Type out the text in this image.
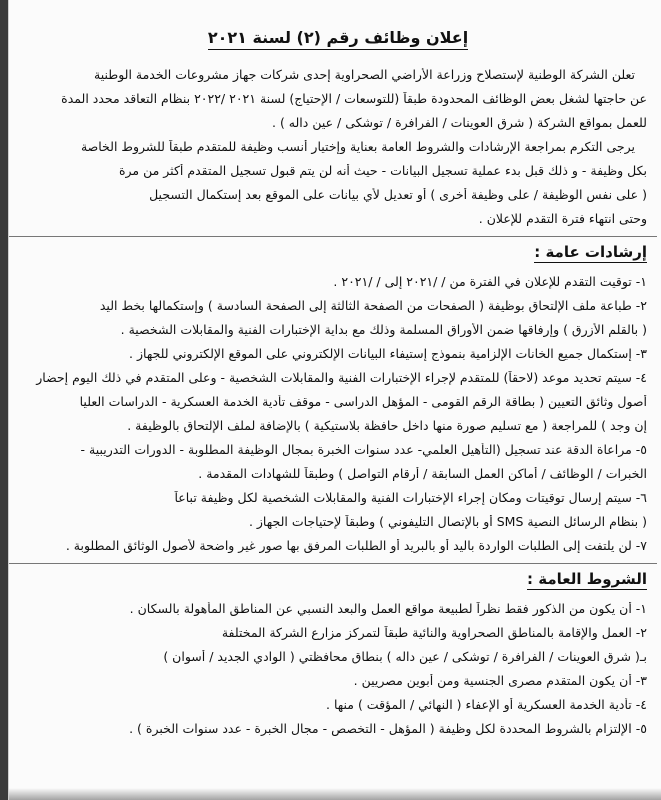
إعلان وظائف رقم (٢) لسنة ٢٠٢١
تعلن الشركة الوطنية لإستصلاح وزراعة الأراضي الصحراوية إحدى شركات جهاز مشروعات الخدمة الوطنية
عن حاجتها لشغل بعض الوظائف المحدودة طبقاً (للتوسعات / الإحتياج) لسنة ٢٠٢١ /٢٠٢٢ بنظام التعاقد محدد المدة
للعمل بمواقع الشركة ( شرق العوينات / الفرافرة / توشكى / عين داله ) .
يرجى التكرم بمراجعة الإرشادات والشروط العامة بعناية وإختيار أنسب وظيفة للمتقدم طبقاً للشروط الخاصة
بكل وظيفة - و ذلك قبل بدء عملية تسجيل البيانات - حيث أنه لن يتم قبول تسجيل المتقدم أكثر من مرة
( على نفس الوظيفة / على وظيفة أخرى ) أو تعديل لأي بيانات على الموقع بعد إستكمال التسجيل
وحتى انتهاء فترة التقدم للإعلان .
إرشادات عامة :
١- توقيت التقدم للإعلان في الفترة من / /٢٠٢١ إلى / /٢٠٢١ .
٢- طباعة ملف الإلتحاق بوظيفة ( الصفحات من الصفحة الثالثة إلى الصفحة السادسة ) وإستكمالها بخط اليد
( بالقلم الأزرق ) وإرفاقها ضمن الأوراق المسلمة وذلك مع بداية الإختبارات الفنية والمقابلات الشخصية .
٣- إستكمال جميع الخانات الإلزامية بنموذج إستيفاء البيانات الإلكتروني على الموقع الإلكتروني للجهاز .
٤- سيتم تحديد موعد (لاحقاً) للمتقدم لإجراء الإختبارات الفنية والمقابلات الشخصية - وعلى المتقدم في ذلك اليوم إحضار
أصول وثائق التعيين ( بطاقة الرقم القومى - المؤهل الدراسى - موقف تأدية الخدمة العسكرية - الدراسات العليا
إن وجد ) للمراجعة ( مع تسليم صورة منها داخل حافظة بلاستيكية ) بالإضافة لملف الإلتحاق بالوظيفة .
٥- مراعاة الدقة عند تسجيل (التأهيل العلمي- عدد سنوات الخبرة بمجال الوظيفة المطلوبة - الدورات التدريبية -
الخبرات / الوظائف / أماكن العمل السابقة / أرقام التواصل ) وطبقاً للشهادات المقدمة .
٦- سيتم إرسال توقيتات ومكان إجراء الإختبارات الفنية والمقابلات الشخصية لكل وظيفة تباعاً
( بنظام الرسائل النصية SMS أو بالإتصال التليفوني ) وطبقاً لإحتياجات الجهاز .
٧- لن يلتفت إلى الطلبات الواردة باليد أو بالبريد أو الطلبات المرفق بها صور غير واضحة لأصول الوثائق المطلوبة .
الشروط العامة :
١- أن يكون من الذكور فقط نظراً لطبيعة مواقع العمل والبعد النسبي عن المناطق المأهولة بالسكان .
٢- العمل والإقامة بالمناطق الصحراوية والنائية طبقاً لتمركز مزارع الشركة المختلفة
بـ( شرق العوينات / الفرافرة / توشكى / عين داله ) بنطاق محافظتي ( الوادي الجديد / أسوان )
٣- أن يكون المتقدم مصرى الجنسية ومن أبوين مصريين .
٤- تأدية الخدمة العسكرية أو الإعفاء ( النهائي / المؤقت ) منها .
٥- الإلتزام بالشروط المحددة لكل وظيفة ( المؤهل - التخصص - مجال الخبرة - عدد سنوات الخبرة ) .
